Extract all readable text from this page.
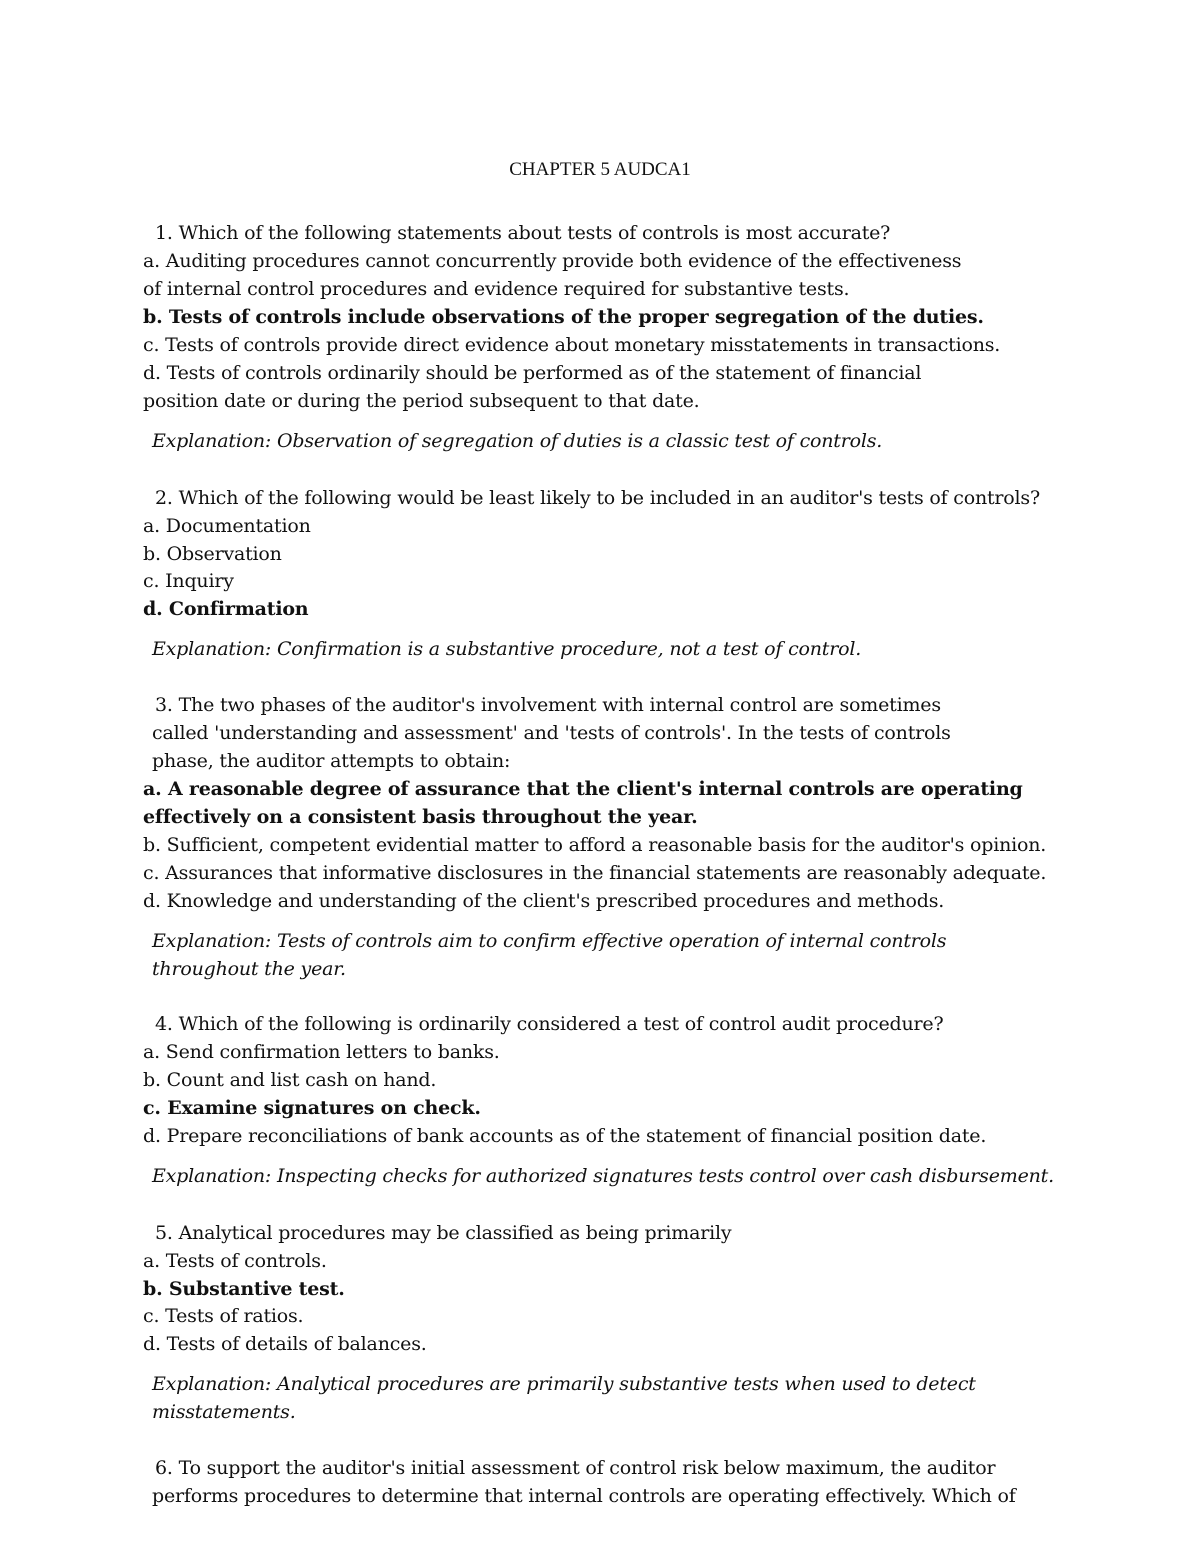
CHAPTER 5 AUDCA1
1. Which of the following statements about tests of controls is most accurate?
a. Auditing procedures cannot concurrently provide both evidence of the effectiveness
of internal control procedures and evidence required for substantive tests.
b. Tests of controls include observations of the proper segregation of the duties.
c. Tests of controls provide direct evidence about monetary misstatements in transactions.
d. Tests of controls ordinarily should be performed as of the statement of financial
position date or during the period subsequent to that date.
Explanation: Observation of segregation of duties is a classic test of controls.
2. Which of the following would be least likely to be included in an auditor's tests of controls?
a. Documentation
b. Observation
c. Inquiry
d. Confirmation
Explanation: Confirmation is a substantive procedure, not a test of control.
3. The two phases of the auditor's involvement with internal control are sometimes
called 'understanding and assessment' and 'tests of controls'. In the tests of controls
phase, the auditor attempts to obtain:
a. A reasonable degree of assurance that the client's internal controls are operating
effectively on a consistent basis throughout the year.
b. Sufficient, competent evidential matter to afford a reasonable basis for the auditor's opinion.
c. Assurances that informative disclosures in the financial statements are reasonably adequate.
d. Knowledge and understanding of the client's prescribed procedures and methods.
Explanation: Tests of controls aim to confirm effective operation of internal controls
throughout the year.
4. Which of the following is ordinarily considered a test of control audit procedure?
a. Send confirmation letters to banks.
b. Count and list cash on hand.
c. Examine signatures on check.
d. Prepare reconciliations of bank accounts as of the statement of financial position date.
Explanation: Inspecting checks for authorized signatures tests control over cash disbursement.
5. Analytical procedures may be classified as being primarily
a. Tests of controls.
b. Substantive test.
c. Tests of ratios.
d. Tests of details of balances.
Explanation: Analytical procedures are primarily substantive tests when used to detect
misstatements.
6. To support the auditor's initial assessment of control risk below maximum, the auditor
performs procedures to determine that internal controls are operating effectively. Which of
